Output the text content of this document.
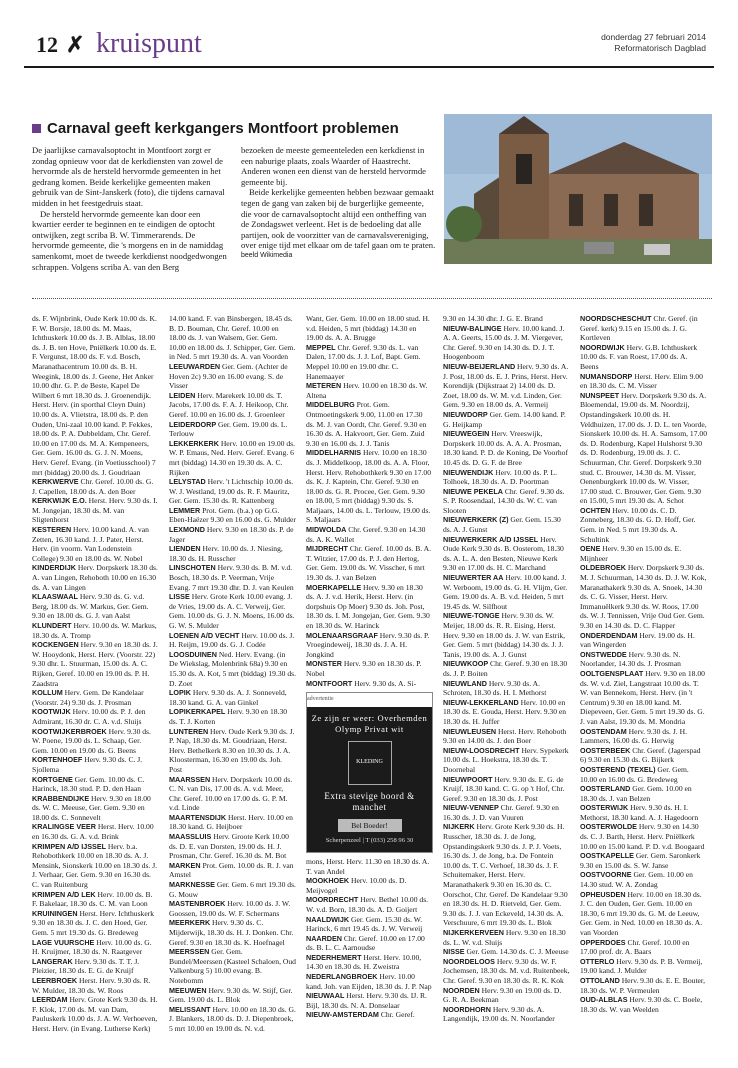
12 ✗ kruispunt	donderdag 27 februari 2014
Reformatorisch Dagblad
Carnaval geeft kerkgangers Montfoort problemen

De jaarlijkse carnavalsoptocht in Montfoort zorgt er zondag opnieuw voor dat de kerkdiensten van zowel de hervormde als de hersteld hervormde gemeenten in het gedrang komen. Beide kerkelijke gemeenten maken gebruik van de Sint-Janskerk (foto), die tijdens carnaval midden in het feestgedruis staat.

De hersteld hervormde gemeente kan door een kwartier eerder te beginnen en te eindigen de optocht ontwijken, zegt scriba B. W. Timmerarends. De hervormde gemeente, die 's morgens en in de namiddag samenkomt, moet de tweede kerkdienst noodgedwongen schrappen. Volgens scriba A. van den Berg

bezoeken de meeste gemeenteleden een kerkdienst in een naburige plaats, zoals Waarder of Haastrecht. Anderen wonen een dienst van de hersteld hervormde gemeente bij.

Beide kerkelijke gemeenten hebben bezwaar gemaakt tegen de gang van zaken bij de burgerlijke gemeente, die voor de carnavalsoptocht altijd een ontheffing van de Zondagswet verleent. Het is de bedoeling dat alle partijen, ook de voorzitter van de carnavalsvereniging, over enige tijd met elkaar om de tafel gaan om te praten.

beeld Wikimedia

ds. F. Wijnbrink, Oude Kerk 10.00 ds. K. F. W. Borsje, 18.00 ds. M. Maas, Ichthuskerk 10.00 ds. J. B. Alblas, 18.00 ds. J. B. ten Hove, Pniëlkerk 10.00 ds. E. F. Vergunst, 18.00 ds. F. v.d. Bosch, Maranathacentrum 10.00 ds. B. H. Weegink, 18.00 ds. J. Geene, Het Anker 10.00 dhr. G. P. de Beste, Kapel De Wilbert 6 mrt 18.30 ds. J. Groenendijk. Herst. Herv. (in sporthal Cleyn Duin) 10.00 ds. A. Vlietstra, 18.00 ds. P. den Ouden, Uni-zaal 10.00 kand. P. Fekkes, 18.00 ds. P. A. Dubbeldam, Chr. Geref. 10.00 en 17.00 ds. M. A. Kempeneers, Ger. Gem. 16.00 ds. G. J. N. Moens, Herv. Geref. Evang. (in Voetiusschool) 7 mrt (biddag) 20.00 ds. J. Goudriaan

KERKWERVE Chr. Geref. 10.00 ds. G. J. Capellen, 18.00 ds. A. den Boer

KERKWIJK E.O. Herst. Herv. 9.30 ds. I. M. Jongejan, 18.30 ds. M. van Sligtenhorst

KESTEREN Herv. 10.00 kand. A. van Zetten, 16.30 kand. J. J. Pater, Herst. Herv. (in voorm. Van Lodenstein College) 9.30 en 18.00 ds. W. Nobel

KINDERDIJK Herv. Dorpskerk 18.30 ds. A. van Lingen, Rehoboth 10.00 en 16.30 ds. A. van Lingen

KLAASWAAL Herv. 9.30 ds. G. v.d. Berg, 18.00 ds. W. Markus, Ger. Gem. 9.30 en 18.00 ds. G. J. van Aalst

KLUNDERT Herv. 10.00 ds. W. Markus, 18.30 ds. A. Tromp

KOCKENGEN Herv. 9.30 en 18.30 ds. J. W. Hooydonk, Herst. Herv. (Voorstr. 22) 9.30 dhr. L. Stuurman, 15.00 ds. A. C. Rijken, Geref. 10.00 en 19.00 ds. P. H. Zaadstra

KOLLUM Herv. Gem. De Kandelaar (Voorstr. 24) 9.30 ds. J. Prosman

KOOTWIJK Herv. 10.00 ds. P. J. den Admirant, 16.30 dr. C. A. v.d. Sluijs

KOOTWIJKERBROEK Herv. 9.30 ds. W. Poene, 19.00 ds. L. Schaap, Ger. Gem. 10.00 en 19.00 ds. G. Beens

KORTENHOEF Herv. 9.30 ds. C. J. Sjollema

KORTGENE Ger. Gem. 10.00 ds. C. Harinck, 18.30 stud. P. D. den Haan

KRABBENDIJKE Herv. 9.30 en 18.00 ds. W. C. Meeuse, Ger. Gem. 9.30 en 18.00 ds. C. Sonnevelt

KRALINGSE VEER Herst. Herv. 10.00 en 16.30 ds. G. A. v.d. Brink

KRIMPEN A/D IJSSEL Herv. b.a. Rehobothkerk 10.00 en 18.30 ds. A. J. Mensink, Sionskerk 10.00 en 18.30 ds. J. J. Verhaar, Ger. Gem. 9.30 en 16.30 ds. C. van Ruitenburg

KRIMPEN A/D LEK Herv. 10.00 ds. B. F. Bakelaar, 18.30 ds. C. M. van Loon

KRUININGEN Herst. Herv. Ichthuskerk 9.30 en 18.30 ds. J. C. den Hoed, Ger. Gem. 5 mrt 19.30 ds. G. Bredeweg

LAGE VUURSCHE Herv. 10.00 ds. G. H. Kruijmer, 18.30 ds. N. Raatgever

LANGERAK Herv. 9.30 ds. T. T. J. Pleizier, 18.30 ds. E. G. de Kruijf

LEERBROEK Herst. Herv. 9.30 ds. R. W. Mulder, 18.30 ds. W. Roos

LEERDAM Herv. Grote Kerk 9.30 ds. H. F. Klok, 17.00 ds. M. van Dam, Pauluskerk 10.00 ds. J. A. W. Verhoeven, Herst. Herv. (in Evang. Lutherse Kerk)

14.00 kand. F. van Binsbergen, 18.45 ds. B. D. Bouman, Chr. Geref. 10.00 en 18.00 ds. J. van Walsem, Ger. Gem. 10.00 en 18.00 ds. J. Schipper, Ger. Gem. in Ned. 5 mrt 19.30 ds. A. van Voorden

LEEUWARDEN Ger. Gem. (Achter de Hoven 2c) 9.30 en 16.00 evang. S. de Visser

LEIDEN Herv. Marekerk 10.00 ds. T. Jacobs, 17.00 ds. F. A. J. Heikoop, Chr. Geref. 10.00 en 16.00 ds. J. Groenleer

LEIDERDORP Ger. Gem. 19.00 ds. L. Terlouw

LEKKERKERK Herv. 10.00 en 19.00 ds. W. P. Emaus, Ned. Herv. Geref. Evang. 6 mrt (biddag) 14.30 en 19.30 ds. A. C. Rijken

LELYSTAD Herv. 't Lichtschip 10.00 ds. W. J. Westland, 19.00 ds. R. F. Mauritz, Ger. Gem. 15.30 ds. R. Kattenberg

LEMMER Prot. Gem. (b.a.) op G.G. Eben-Haëzer 9.30 en 16.00 ds. G. Mulder

LEXMOND Herv. 9.30 en 18.30 ds. P. de Jager

LIENDEN Herv. 10.00 ds. J. Niesing, 18.30 ds. H. Russcher

LINSCHOTEN Herv. 9.30 ds. B. M. v.d. Bosch, 18.30 ds. P. Veerman, Vrije Evang. 7 mrt 19.30 dhr. D. J. van Keulen

LISSE Herv. Grote Kerk 10.00 evang. J. de Vries, 19.00 ds. A. C. Verweij, Ger. Gem. 10.00 ds. G. J. N. Moens, 16.00 ds. G. W. S. Mulder

LOENEN A/D VECHT Herv. 10.00 ds. J. H. Reijm, 19.00 ds. G. J. Codée

LOOSDUINEN Ned. Herv. Evang. (in De Wiekslag, Molenbrink 68a) 9.30 en 15.30 ds. A. Kot, 5 mrt (biddag) 19.30 ds. D. Zoet

LOPIK Herv. 9.30 ds. A. J. Sonneveld, 18.30 kand. G. A. van Ginkel

LOPIKERKAPEL Herv. 9.30 en 18.30 ds. T. J. Korten

LUNTEREN Herv. Oude Kerk 9.30 ds. J. P. Nap, 18.30 ds. M. Goudriaan, Herst. Herv. Bethelkerk 8.30 en 10.30 ds. J. A. Kloosterman, 16.30 en 19.00 ds. Joh. Post

MAARSSEN Herv. Dorpskerk 10.00 ds. C. N. van Dis, 17.00 ds. A. v.d. Meer, Chr. Geref. 10.00 en 17.00 ds. G. P. M. v.d. Linde

MAARTENSDIJK Herst. Herv. 10.00 en 18.30 kand. G. Heijboer

MAASSLUIS Herv. Groote Kerk 10.00 ds. D. E. van Dorsten, 19.00 ds. H. J. Prosman, Chr. Geref. 16.30 ds. M. Bot

MARKEN Prot. Gem. 10.00 ds. R. J. van Amstel

MARKNESSE Ger. Gem. 6 mrt 19.30 ds. G. Mouw

MASTENBROEK Herv. 10.00 ds. J. W. Goossen, 19.00 ds. W. F. Schermans

MEERKERK Herv. 9.30 ds. C. Mijderwijk, 18.30 ds. H. J. Donken. Chr. Geref. 9.30 en 18.30 ds. K. Hoefnagel

MEERSSEN Ger. Gem. Bundel/Meerssen (Kasteel Schaloen, Oud Valkenburg 5) 10.00 evang. B. Notebomm

MEEUWEN Herv. 9.30 ds. W. Stijf, Ger. Gem. 19.00 ds. L. Blok

MELISSANT Herv. 10.00 en 18.30 ds. G. J. Blankers, 18.00 ds. D. J. Diepenbroek, 5 mrt 10.00 en 19.00 ds. N. v.d.

Want, Ger. Gem. 10.00 en 18.00 stud. H. v.d. Heiden, 5 mrt (biddag) 14.30 en 19.00 ds. A. A. Brugge

MEPPEL Chr. Geref. 9.30 ds. L. van Dalen, 17.00 ds. J. J. Lof, Bapt. Gem. Meppel 10.00 en 19.00 dhr. C. Hanemaayer

METEREN Herv. 10.00 en 18.30 ds. W. Altena

MIDDELBURG Prot. Gem. Ontmoetingskerk 9.00, 11.00 en 17.30 ds. M. J. van Oordt, Chr. Geref. 9.30 en 16.30 ds. A. Hakvoort, Ger. Gem. Zuid 9.30 en 16.00 ds. J. J. Tanis

MIDDELHARNIS Herv. 10.00 en 18.30 ds. J. Middelkoop, 18.00 ds. A. A. Floor, Herst. Herv. Rehobothkerk 9.30 en 17.00 ds. K. J. Kaptein, Chr. Geref. 9.30 en 18.00 ds. G. R. Procee, Ger. Gem. 9.30 en 18.00, 5 mrt (biddag) 9.30 ds. S. Maljaars, 14.00 ds. L. Terlouw, 19.00 ds. S. Maljaars

MIDWOLDA Chr. Geref. 9.30 en 14.30 ds. A. K. Wallet

MIJDRECHT Chr. Geref. 10.00 ds. B. A. T. Witzier, 17.00 ds. P. J. den Hertog, Ger. Gem. 19.00 ds. W. Visscher, 6 mrt 19.30 ds. J. van Belzen

MOERKAPELLE Herv. 9.30 en 18.30 ds. A. J. v.d. Herik, Herst. Herv. (in dorpshuis Op Moer) 9.30 ds. Joh. Post, 18.30 ds. I. M. Jongejan, Ger. Gem. 9.30 en 18.30 ds. W. Harinck

MOLENAARSGRAAF Herv. 9.30 ds. P. Vroegindeweij, 18.30 ds. J. A. H. Jongkind

MONSTER Herv. 9.30 en 18.30 ds. P. Nobel

MONTFOORT Herv. 9.30 ds. A. Si-

advertentie
Ze zijn er weer: Overhemden Olymp Privat wit
KLEDING
Extra stevige boord & manchet
Bel Boeder!
Scherpenzeel | T (033) 258 96 30

mons, Herst. Herv. 11.30 en 18.30 ds. A. T. van Andel

MOOKHOEK Herv. 10.00 ds. D. Meijvogel

MOORDRECHT Herv. Bethel 10.00 ds. W. v.d. Born, 18.30 ds. A. D. Goijert

NAALDWIJK Ger. Gem. 15.30 ds. W. Harinck, 6 mrt 19.45 ds. J. W. Verweij

NAARDEN Chr. Geref. 10.00 en 17.00 ds. B. L. C. Aarnoudse

NEDERHEMERT Herst. Herv. 10.00, 14.30 en 18.30 ds. H. Zweistra

NEDERLANGBROEK Herv. 10.00 kand. Joh. van Eijden, 18.30 ds. J. P. Nap

NIEUWAAL Herst. Herv. 9.30 ds. IJ. R. Bijl, 18.30 ds. N. A. Donselaar

NIEUW-AMSTERDAM Chr. Geref.

9.30 en 14.30 dhr. J. G. E. Brand

NIEUW-BALINGE Herv. 10.00 kand. J. A. A. Geerts, 15.00 ds. J. M. Viergever, Chr. Geref. 9.30 en 14.30 ds. D. J. T. Hoogenboom

NIEUW-BEIJERLAND Herv. 9.30 ds. A. J. Post, 18.00 ds. E. J. Prins, Herst. Herv. Korendijk (Dijkstraat 2) 14.00 ds. D. Zoet, 18.00 ds. W. M. v.d. Linden, Ger. Gem. 9.30 en 18.00 ds. A. Vermeij

NIEUWDORP Ger. Gem. 14.00 kand. P. G. Heijkamp

NIEUWEGEIN Herv. Vreeswijk, Dorpskerk 10.00 ds. A. A. A. Prosman, 18.30 kand. P. D. de Koning, De Voorhof 10.45 ds. D. G. F. de Bree

NIEUWENDIJK Herv. 10.00 ds. P. L. Tolhoek, 18.30 ds. A. D. Poortman

NIEUWE PEKELA Chr. Geref. 9.30 ds. S. P. Roosendaal, 14.30 ds. W. C. van Slooten

NIEUWERKERK (Z) Ger. Gem. 15.30 ds. A. J. Gunst

NIEUWERKERK A/D IJSSEL Herv. Oude Kerk 9.30 ds. B. Oosterom, 18.30 ds. A. L. A. den Besten, Nieuwe Kerk 9.30 en 17.00 ds. H. C. Marchand

NIEUWERTER AA Herv. 10.00 kand. J. W. Verboom, 19.00 ds. G. H. Vlijm, Ger. Gem. 19.00 ds. A. B. v.d. Heiden, 5 mrt 19.45 ds. W. Silfhout

NIEUWE-TONGE Herv. 9.30 ds. W. Meijer, 18.00 ds. R. R. Eising, Herst. Herv. 9.30 en 18.00 ds. J. W. van Estrik, Ger. Gem. 5 mrt (biddag) 14.30 ds. J. J. Tanis, 19.00 ds. A. J. Gunst

NIEUWKOOP Chr. Geref. 9.30 en 18.30 ds. J. P. Boiten

NIEUWLAND Herv. 9.30 ds. A. Schroten, 18.30 ds. H. I. Methorst

NIEUW-LEKKERLAND Herv. 10.00 en 18.30 ds. E. Gouda, Herst. Herv. 9.30 en 18.30 ds. H. Juffer

NIEUWLEUSEN Herst. Herv. Rehoboth 9.30 en 14.00 ds. J. den Boer

NIEUW-LOOSDRECHT Herv. Sypekerk 10.00 ds. L. Hoekstra, 18.30 ds. T. Doornebal

NIEUWPOORT Herv. 9.30 ds. E. G. de Kruijf, 18.30 kand. C. G. op 't Hof, Chr. Geref. 9.30 en 18.30 ds. J. Post

NIEUW-VENNEP Chr. Geref. 9.30 en 16.30 ds. J. D. van Vuuren

NIJKERK Herv. Grote Kerk 9.30 ds. H. Russcher, 18.30 ds. J. de Jong, Opstandingskerk 9.30 ds. J. P. J. Voets, 16.30 ds. J. de Jong, b.a. De Fontein 10.00 ds. T. C. Verhoef, 18.30 ds. J. F. Schuitemaker, Herst. Herv. Maranathakerk 9.30 en 16.30 ds. C. Oorschot, Chr. Geref. De Kandelaar 9.30 en 18.30 ds. H. D. Rietveld, Ger. Gem. 9.30 ds. J. J. van Eckeveld, 14.30 ds. A. Verschuure, 6 mrt 19.30 ds. L. Blok

NIJKERKERVEEN Herv. 9.30 en 18.30 ds. L. W. v.d. Sluijs

NISSE Ger. Gem. 14.30 ds. C. J. Meeuse

NOORDELOOS Herv. 9.30 ds. W. F. Jochemsen, 18.30 ds. M. v.d. Ruitenbeek, Chr. Geref. 9.30 en 18.30 ds. R. K. Kok

NOORDEN Herv. 9.30 en 19.00 ds. D. G. R. A. Beekman

NOORDHORN Herv. 9.30 ds. A. Langendijk, 19.00 ds. N. Noorlander

NOORDSCHESCHUT Chr. Geref. (in Geref. kerk) 9.15 en 15.00 ds. J. G. Kortleven

NOORDWIJK Herv. G.B. Ichthuskerk 10.00 ds. F. van Roest, 17.00 ds. A. Beens

NUMANSDORP Herst. Herv. Elim 9.00 en 18.30 ds. C. M. Visser

NUNSPEET Herv. Dorpskerk 9.30 ds. A. Bloemendal, 19.00 ds. M. Noordzij, Opstandingskerk 10.00 ds. H. Veldhuizen, 17.00 ds. J. D. L. ten Voorde, Sionskerk 10.00 ds. H. A. Samsom, 17.00 ds. D. Rodenburg, Kapel Hulshorst 9.30 ds. D. Rodenburg, 19.00 ds. J. C. Schuurman, Chr. Geref. Dorpskerk 9.30 stud. C. Brouwer, 14.30 ds. M. Visser, Oenenburgkerk 10.00 ds. W. Visser, 17.00 stud. C. Brouwer, Ger. Gem. 9.30 en 15.00, 5 mrt 19.30 ds. A. Schot

OCHTEN Herv. 10.00 ds. C. D. Zonneberg, 18.30 ds. G. D. Hoff, Ger. Gem. in Ned. 5 mrt 19.30 ds. A. Schultink

OENE Herv. 9.30 en 15.00 ds. E. Mijnheer

OLDEBROEK Herv. Dorpskerk 9.30 ds. M. J. Schuurman, 14.30 ds. D. J. W. Kok, Maranathakerk 9.30 ds. A. Snoek, 14.30 ds. C. G. Visser, Herst. Herv. Immanuëlkerk 9.30 ds. W. Roos, 17.00 ds. W. J. Tennissen, Vrije Oud Ger. Gem. 9.30 en 14.30 ds. D. C. Flapper

ONDERDENDAM Herv. 19.00 ds. H. van Wingerden

ONSTWEDDE Herv. 9.30 ds. N. Noorlander, 14.30 ds. J. Prosman

OOLTGENSPLAAT Herv. 9.30 en 18.00 ds. W. v.d. Ziel, Langstraat 10.00 ds. T. W. van Bennekom, Herst. Herv. (in 't Centrum) 9.30 en 18.00 kand. M. Diepeveen, Ger. Gem. 5 mrt 19.30 ds. G. J. van Aalst, 19.30 ds. M. Mondria

OOSTENDAM Herv. 9.30 ds. J. H. Lammers, 16.00 ds. G. Herwig

OOSTERBEEK Chr. Geref. (Jagerspad 6) 9.30 en 15.30 ds. G. Bijkerk

OOSTEREND (TEXEL) Ger. Gem. 10.00 en 16.00 ds. G. Bredeweg

OOSTERLAND Ger. Gem. 10.00 en 18.30 ds. J. van Belzen

OOSTERWIJK Herv. 9.30 ds. H. I. Methorst, 18.30 kand. A. J. Hagedoorn

OOSTERWOLDE Herv. 9.30 en 14.30 ds. C. J. Barth, Herst. Herv. Pniëlkerk 10.00 en 15.00 kand. P. D. v.d. Boogaard

OOSTKAPELLE Ger. Gem. Saronkerk 9.30 en 15.00 ds. S. W. Janse

OOSTVOORNE Ger. Gem. 10.00 en 14.30 stud. W. A. Zondag

OPHEUSDEN Herv. 10.00 en 18.30 ds. J. C. den Ouden, Ger. Gem. 10.00 en 18.30, 6 mrt 19.30 ds. G. M. de Leeuw, Ger. Gem. in Ned. 10.00 en 18.30 ds. A. van Voorden

OPPERDOES Chr. Geref. 10.00 en 17.00 prof. dr. A. Baars

OTTERLO Herv. 9.30 ds. P. B. Vermeij, 19.00 kand. J. Mulder

OTTOLAND Herv. 9.30 ds. E. E. Bouter, 18.30 ds. W. P. Vermeulen

OUD-ALBLAS Herv. 9.30 ds. C. Boele, 18.30 ds. W. van Weelden
